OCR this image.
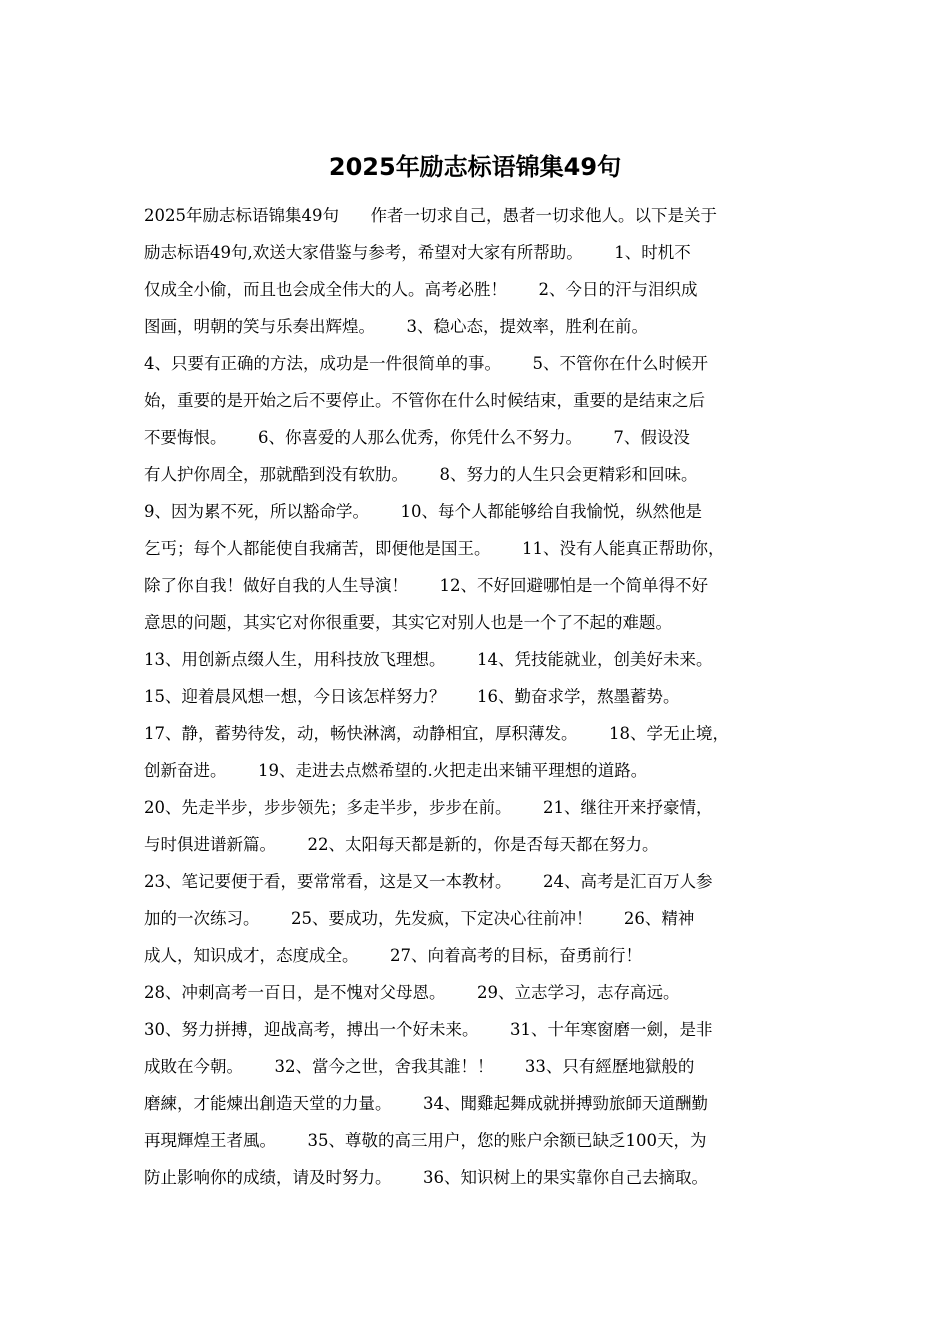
2025年励志标语锦集49句
2025年励志标语锦集49句      作者一切求自己，愚者一切求他人。以下是关于
励志标语49句,欢送大家借鉴与参考，希望对大家有所帮助。      1、时机不
仅成全小偷，而且也会成全伟大的人。高考必胜！      2、今日的汗与泪织成
图画，明朝的笑与乐奏出辉煌。      3、稳心态，提效率，胜利在前。
4、只要有正确的方法，成功是一件很简单的事。      5、不管你在什么时候开
始，重要的是开始之后不要停止。不管你在什么时候结束，重要的是结束之后
不要悔恨。      6、你喜爱的人那么优秀，你凭什么不努力。      7、假设没
有人护你周全，那就酷到没有软肋。      8、努力的人生只会更精彩和回味。
9、因为累不死，所以豁命学。      10、每个人都能够给自我愉悦，纵然他是
乞丐；每个人都能使自我痛苦，即便他是国王。      11、没有人能真正帮助你，
除了你自我！做好自我的人生导演！      12、不好回避哪怕是一个简单得不好
意思的问题，其实它对你很重要，其实它对别人也是一个了不起的难题。
13、用创新点缀人生，用科技放飞理想。      14、凭技能就业，创美好未来。
15、迎着晨风想一想，今日该怎样努力？      16、勤奋求学，熬墨蓄势。
17、静，蓄势待发，动，畅快淋漓，动静相宜，厚积薄发。      18、学无止境，
创新奋进。      19、走进去点燃希望的.火把走出来铺平理想的道路。
20、先走半步，步步领先；多走半步，步步在前。      21、继往开来抒豪情，
与时俱进谱新篇。      22、太阳每天都是新的，你是否每天都在努力。
23、笔记要便于看，要常常看，这是又一本教材。      24、高考是汇百万人参
加的一次练习。      25、要成功，先发疯，下定决心往前冲！      26、精神
成人，知识成才，态度成全。      27、向着高考的目标，奋勇前行！
28、冲刺高考一百日，是不愧对父母恩。      29、立志学习，志存高远。
30、努力拼搏，迎战高考，搏出一个好未来。      31、十年寒窗磨一劍，是非
成敗在今朝。      32、當今之世，舍我其誰！！      33、只有經歷地獄般的
磨練，才能煉出創造天堂的力量。      34、聞雞起舞成就拼搏勁旅師天道酬勤
再現輝煌王者風。      35、尊敬的高三用户，您的账户余额已缺乏100天，为
防止影响你的成绩，请及时努力。      36、知识树上的果实靠你自己去摘取。
